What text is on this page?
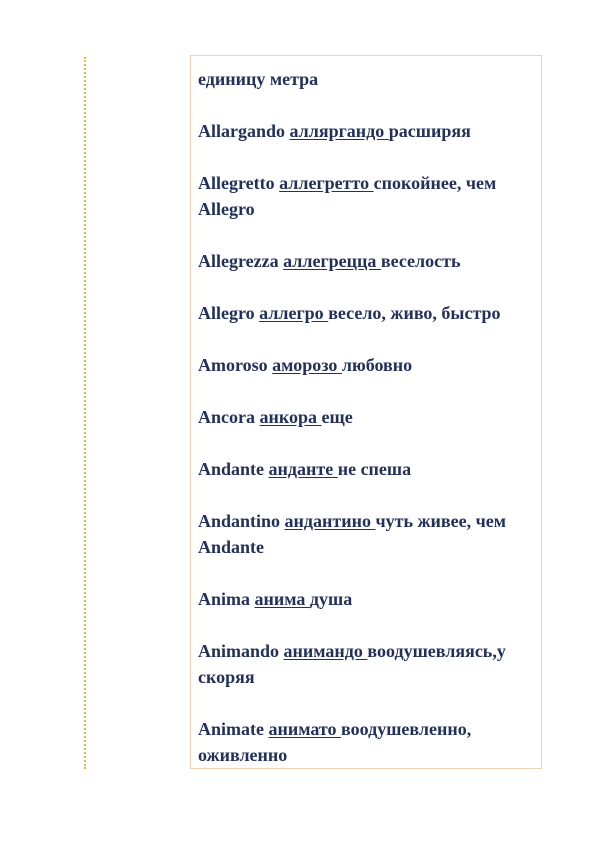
единицу метра
Allargando алляргандо расширяя
Allegretto аллегретто спокойнее, чем Allegro
Allegrezza аллегрецца веселость
Allegro аллегро весело, живо, быстро
Amoroso аморозо любовно
Ancora анкора еще
Andante анданте не спеша
Andantino андантино чуть живее, чем Andante
Anima анима душа
Animando анимандо воодушевляясь,у скоряя
Animate анимато воодушевленно, оживленно
